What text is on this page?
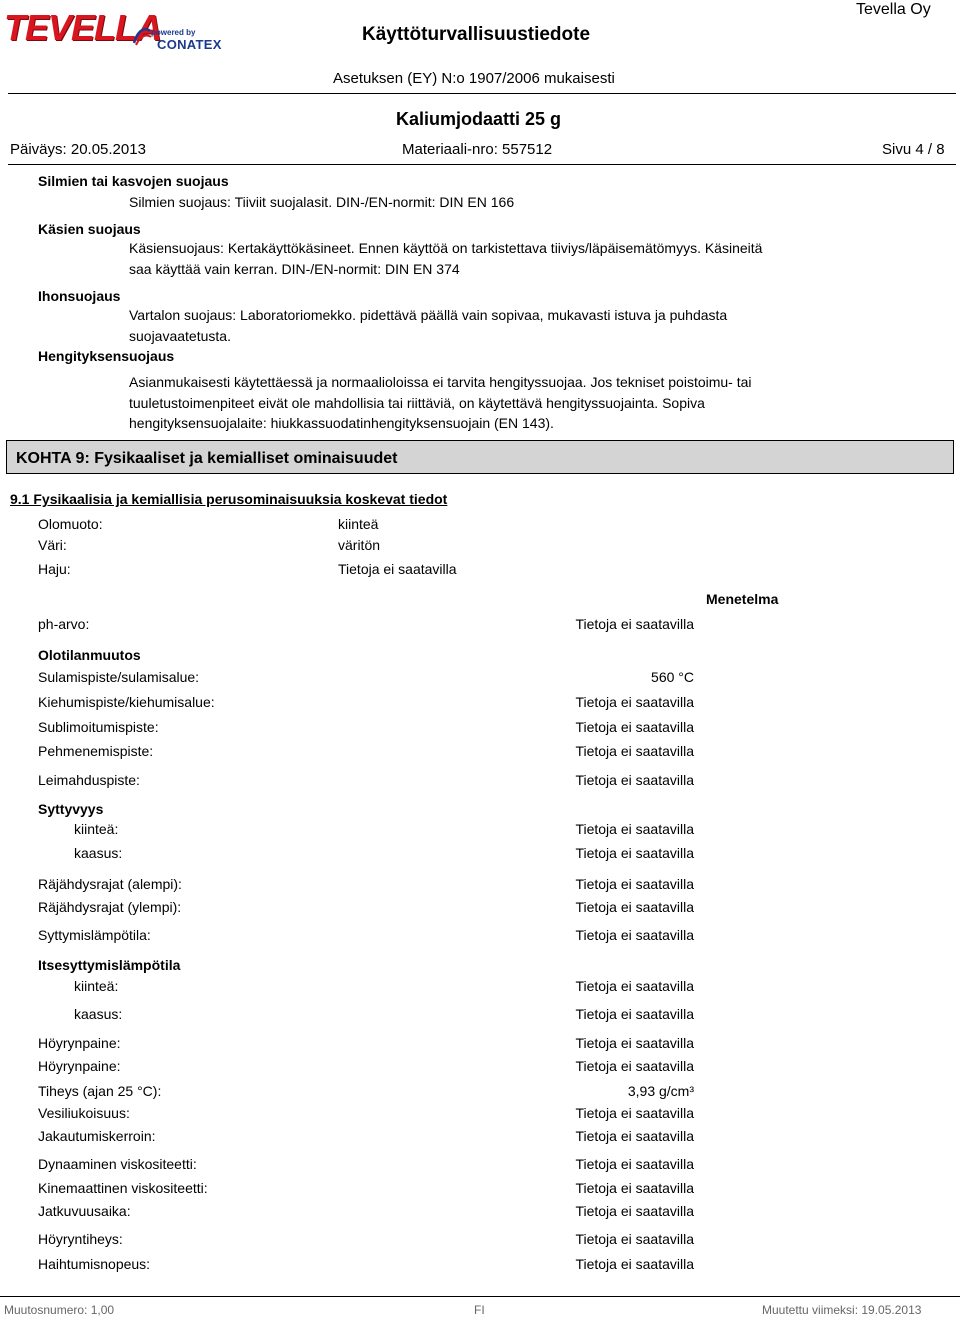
TEVELLA
powered by
CONATEX	Käyttöturvallisuustiedote
Tevella Oy
Asetuksen (EY) N:o 1907/2006 mukaisesti
Kaliumjodaatti 25 g
Päiväys: 20.05.2013	Materiaali-nro: 557512	Sivu 4 / 8
Silmien tai kasvojen suojaus
Silmien suojaus: Tiiviit suojalasit. DIN-/EN-normit: DIN EN 166
Käsien suojaus
Käsiensuojaus: Kertakäyttökäsineet. Ennen käyttöä on tarkistettava tiiviys/läpäisemätömyys. Käsineitä
saa käyttää vain kerran. DIN-/EN-normit: DIN EN 374
Ihonsuojaus
Vartalon suojaus: Laboratoriomekko. pidettävä päällä vain sopivaa, mukavasti istuva ja puhdasta
suojavaatetusta.
Hengityksensuojaus
Asianmukaisesti käytettäessä ja normaalioloissa ei tarvita hengityssuojaa. Jos tekniset poistoimu- tai
tuuletustoimenpiteet eivät ole mahdollisia tai riittäviä, on käytettävä hengityssuojainta. Sopiva
hengityksensuojalaite: hiukkassuodatinhengityksensuojain (EN 143).
KOHTA 9: Fysikaaliset ja kemialliset ominaisuudet
9.1 Fysikaalisia ja kemiallisia perusominaisuuksia koskevat tiedot
Olomuoto:	kiinteä
Väri:	väritön
Haju:	Tietoja ei saatavilla
Menetelma
ph-arvo:	Tietoja ei saatavilla
Olotilanmuutos
Sulamispiste/sulamisalue:	560 °C
Kiehumispiste/kiehumisalue:	Tietoja ei saatavilla
Sublimoitumispiste:	Tietoja ei saatavilla
Pehmenemispiste:	Tietoja ei saatavilla
Leimahduspiste:	Tietoja ei saatavilla
Syttyvyys
kiinteä:	Tietoja ei saatavilla
kaasus:	Tietoja ei saatavilla
Räjähdysrajat (alempi):	Tietoja ei saatavilla
Räjähdysrajat (ylempi):	Tietoja ei saatavilla
Syttymislämpötila:	Tietoja ei saatavilla
Itsesyttymislämpötila
kiinteä:	Tietoja ei saatavilla
kaasus:	Tietoja ei saatavilla
Höyrynpaine:	Tietoja ei saatavilla
Höyrynpaine:	Tietoja ei saatavilla
Tiheys (ajan 25 °C):	3,93 g/cm³
Vesiliukoisuus:	Tietoja ei saatavilla
Jakautumiskerroin:	Tietoja ei saatavilla
Dynaaminen viskositeetti:	Tietoja ei saatavilla
Kinemaattinen viskositeetti:	Tietoja ei saatavilla
Jatkuvuusaika:	Tietoja ei saatavilla
Höyryntiheys:	Tietoja ei saatavilla
Haihtumisnopeus:	Tietoja ei saatavilla
Muutosnumero: 1,00	FI	Muutettu viimeksi: 19.05.2013
